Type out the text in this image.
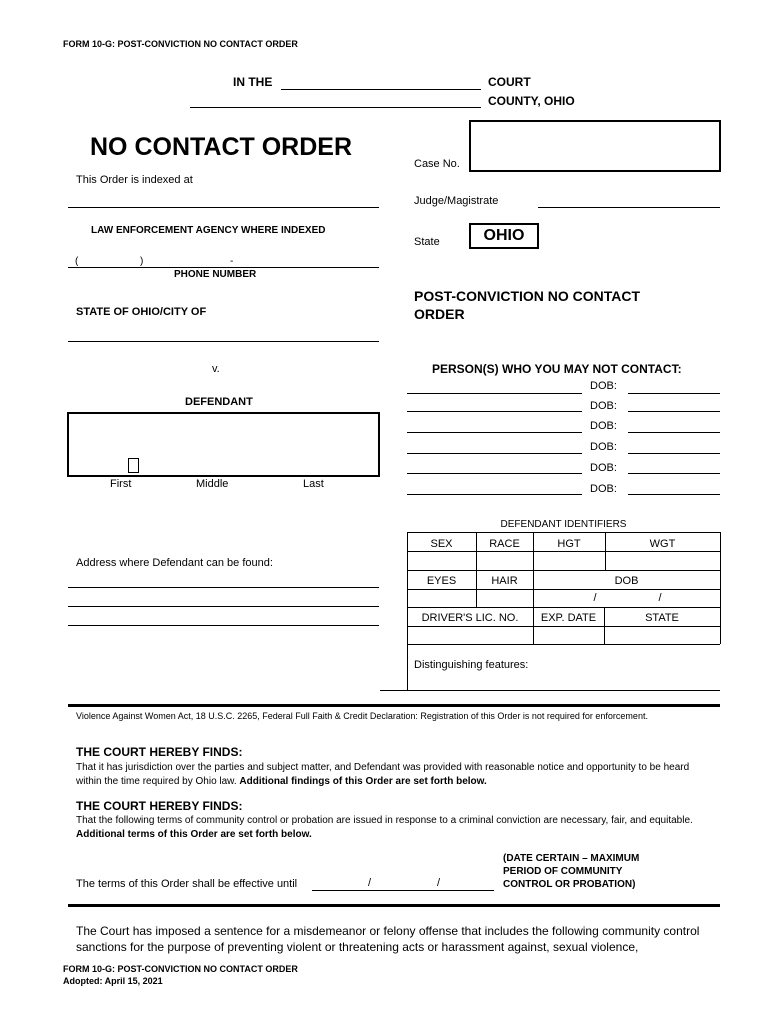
FORM 10-G: POST-CONVICTION NO CONTACT ORDER
IN THE	COURT
COUNTY, OHIO
NO CONTACT ORDER
This Order is indexed at
LAW ENFORCEMENT AGENCY WHERE INDEXED
(	)	-
PHONE NUMBER
STATE OF OHIO/CITY OF
v.
DEFENDANT
First	Middle	Last
Address where Defendant can be found:
Case No.
Judge/Magistrate
State	OHIO
POST-CONVICTION NO CONTACT ORDER
PERSON(S) WHO YOU MAY NOT CONTACT:
DOB:
DOB:
DOB:
DOB:
DOB:
DOB:
DEFENDANT IDENTIFIERS
SEX	RACE	HGT	WGT
EYES	HAIR	DOB
/	/
DRIVER'S LIC. NO.	EXP. DATE	STATE
Distinguishing features:
Violence Against Women Act, 18 U.S.C. 2265, Federal Full Faith & Credit Declaration: Registration of this Order is not required for enforcement.
THE COURT HEREBY FINDS:
That it has jurisdiction over the parties and subject matter, and Defendant was provided with reasonable notice and opportunity to be heard within the time required by Ohio law. Additional findings of this Order are set forth below.
THE COURT HEREBY FINDS:
That the following terms of community control or probation are issued in response to a criminal conviction are necessary, fair, and equitable. Additional terms of this Order are set forth below.
The terms of this Order shall be effective until	/	/
(DATE CERTAIN – MAXIMUM PERIOD OF COMMUNITY CONTROL OR PROBATION)
The Court has imposed a sentence for a misdemeanor or felony offense that includes the following community control sanctions for the purpose of preventing violent or threatening acts or harassment against, sexual violence,
FORM 10-G: POST-CONVICTION NO CONTACT ORDER
Adopted: April 15, 2021
